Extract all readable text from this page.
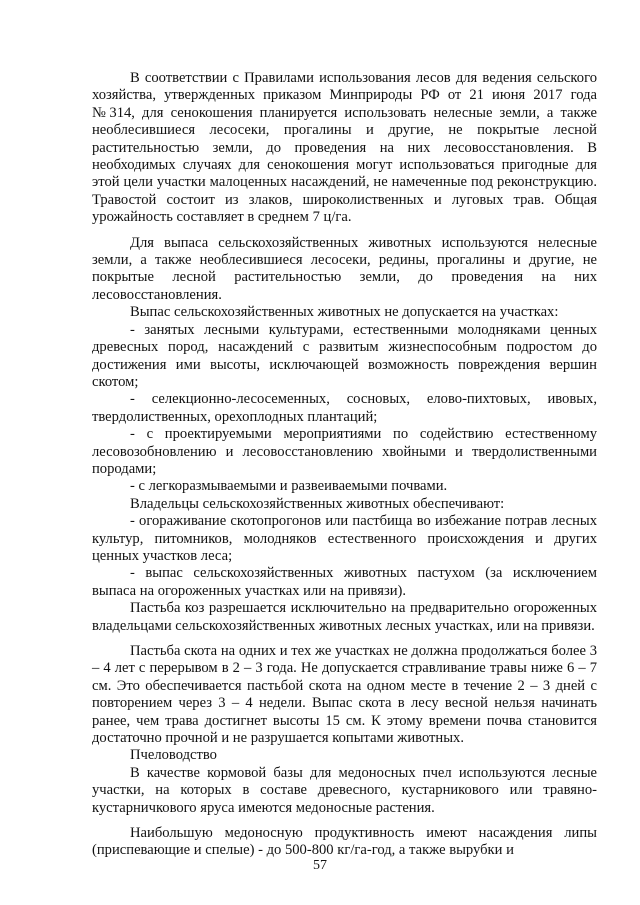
В соответствии с Правилами использования лесов для ведения сельского хозяйства, утвержденных приказом Минприроды РФ от 21 июня 2017 года №314, для сенокошения планируется использовать нелесные земли, а также необлесившиеся лесосеки, прогалины и другие, не покрытые лесной растительностью земли, до проведения на них лесовосстановления. В необходимых случаях для сенокошения могут использоваться пригодные для этой цели участки малоценных насаждений, не намеченные под реконструкцию. Травостой состоит из злаков, широколиственных и луговых трав. Общая урожайность составляет в среднем 7 ц/га.

Для выпаса сельскохозяйственных животных используются нелесные земли, а также необлесившиеся лесосеки, редины, прогалины и другие, не покрытые лесной растительностью земли, до проведения на них лесовосстановления.

Выпас сельскохозяйственных животных не допускается на участках:

- занятых лесными культурами, естественными молодняками ценных древесных пород, насаждений с развитым жизнеспособным подростом до достижения ими высоты, исключающей возможность повреждения вершин скотом;

- селекционно-лесосеменных, сосновых, елово-пихтовых, ивовых, твердолиственных, орехоплодных плантаций;

- с проектируемыми мероприятиями по содействию естественному лесовозобновлению и лесовосстановлению хвойными и твердолиственными породами;

- с легкоразмываемыми и развеиваемыми почвами.

Владельцы сельскохозяйственных животных обеспечивают:

- огораживание скотопрогонов или пастбища во избежание потрав лесных культур, питомников, молодняков естественного происхождения и других ценных участков леса;

- выпас сельскохозяйственных животных пастухом (за исключением выпаса на огороженных участках или на привязи).

Пастьба коз разрешается исключительно на предварительно огороженных владельцами сельскохозяйственных животных лесных участках, или на привязи.

Пастьба скота на одних и тех же участках не должна продолжаться более 3 – 4 лет с перерывом в 2 – 3 года. Не допускается стравливание травы ниже 6 – 7 см. Это обеспечивается пастьбой скота на одном месте в течение 2 – 3 дней с повторением через 3 – 4 недели. Выпас скота в лесу весной нельзя начинать ранее, чем трава достигнет высоты 15 см. К этому времени почва становится достаточно прочной и не разрушается копытами животных.

Пчеловодство

В качестве кормовой базы для медоносных пчел используются лесные участки, на которых в составе древесного, кустарникового или травяно-кустарничкового яруса имеются медоносные растения.

Наибольшую медоносную продуктивность имеют насаждения липы (приспевающие и спелые) - до 500-800 кг/га-год, а также вырубки и

57
